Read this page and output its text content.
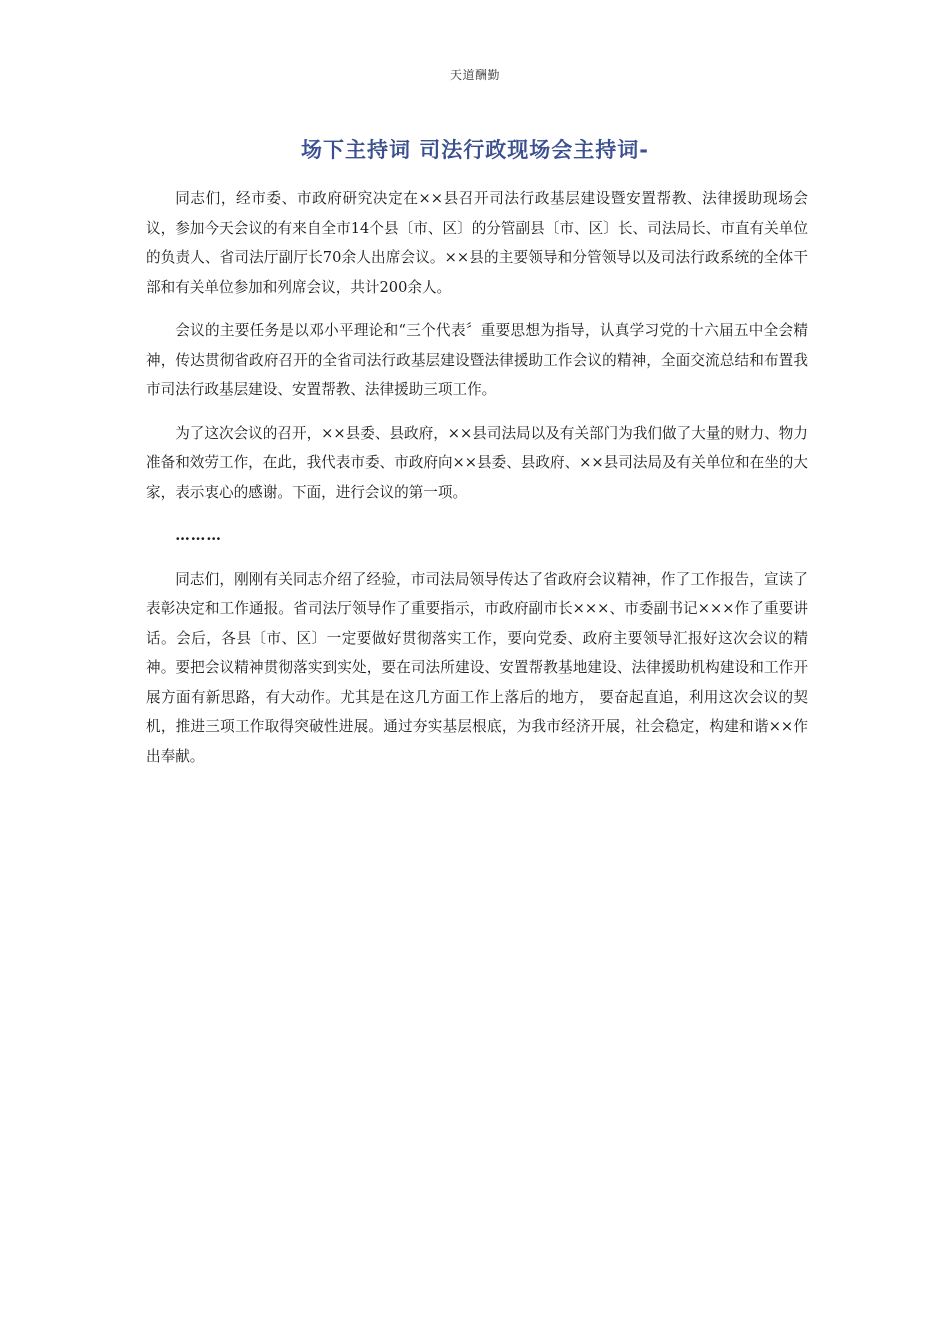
天道酬勤
场下主持词 司法行政现场会主持词-

同志们，经市委、市政府研究决定在××县召开司法行政基层建设暨安置帮教、法律援助现场会议，参加今天会议的有来自全市14个县〔市、区〕的分管副县〔市、区〕长、司法局长、市直有关单位的负责人、省司法厅副厅长70余人出席会议。××县的主要领导和分管领导以及司法行政系统的全体干部和有关单位参加和列席会议，共计200余人。

会议的主要任务是以邓小平理论和“三个代表〞重要思想为指导，认真学习党的十六届五中全会精神，传达贯彻省政府召开的全省司法行政基层建设暨法律援助工作会议的精神，全面交流总结和布置我市司法行政基层建设、安置帮教、法律援助三项工作。

为了这次会议的召开，××县委、县政府，××县司法局以及有关部门为我们做了大量的财力、物力准备和效劳工作，在此，我代表市委、市政府向××县委、县政府、××县司法局及有关单位和在坐的大家，表示衷心的感谢。下面，进行会议的第一项。

………

同志们，刚刚有关同志介绍了经验，市司法局领导传达了省政府会议精神，作了工作报告，宣读了表彰决定和工作通报。省司法厅领导作了重要指示，市政府副市长×××、市委副书记×××作了重要讲话。会后，各县〔市、区〕一定要做好贯彻落实工作，要向党委、政府主要领导汇报好这次会议的精神。要把会议精神贯彻落实到实处，要在司法所建设、安置帮教基地建设、法律援助机构建设和工作开展方面有新思路，有大动作。尤其是在这几方面工作上落后的地方， 要奋起直追，利用这次会议的契机，推进三项工作取得突破性进展。通过夯实基层根底，为我市经济开展，社会稳定，构建和谐××作出奉献。
